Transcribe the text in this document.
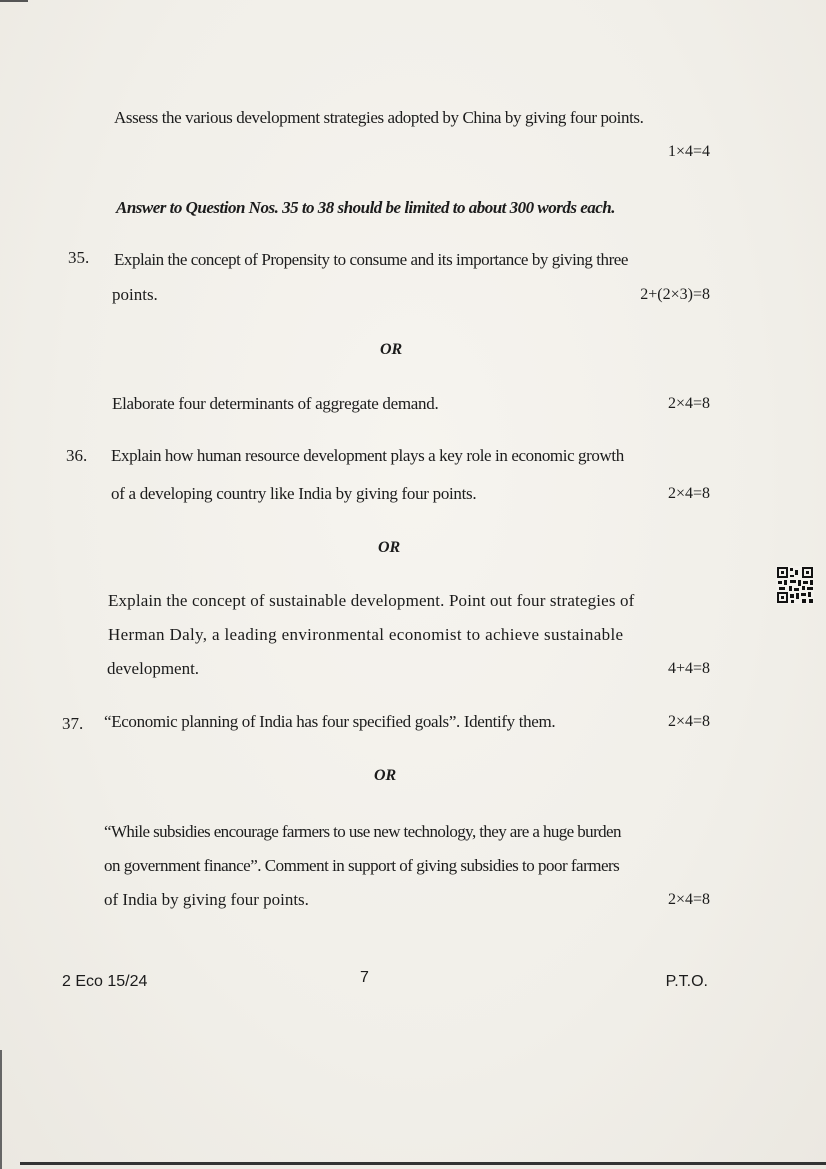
Assess the various development strategies adopted by China by giving four points.
1×4=4
Answer to Question Nos. 35 to 38 should be limited to about 300 words each.
35. Explain the concept of Propensity to consume and its importance by giving three
points.	2+(2×3)=8
OR
Elaborate four determinants of aggregate demand.	2×4=8
36. Explain how human resource development plays a key role in economic growth
of a developing country like India by giving four points.	2×4=8
OR
Explain the concept of sustainable development. Point out four strategies of
Herman Daly, a leading environmental economist to achieve sustainable
development.	4+4=8
37. “Economic planning of India has four specified goals”. Identify them.	2×4=8
OR
“While subsidies encourage farmers to use new technology, they are a huge burden
on government finance”. Comment in support of giving subsidies to poor farmers
of India by giving four points.	2×4=8
2 Eco 15/24	7	P.T.O.
